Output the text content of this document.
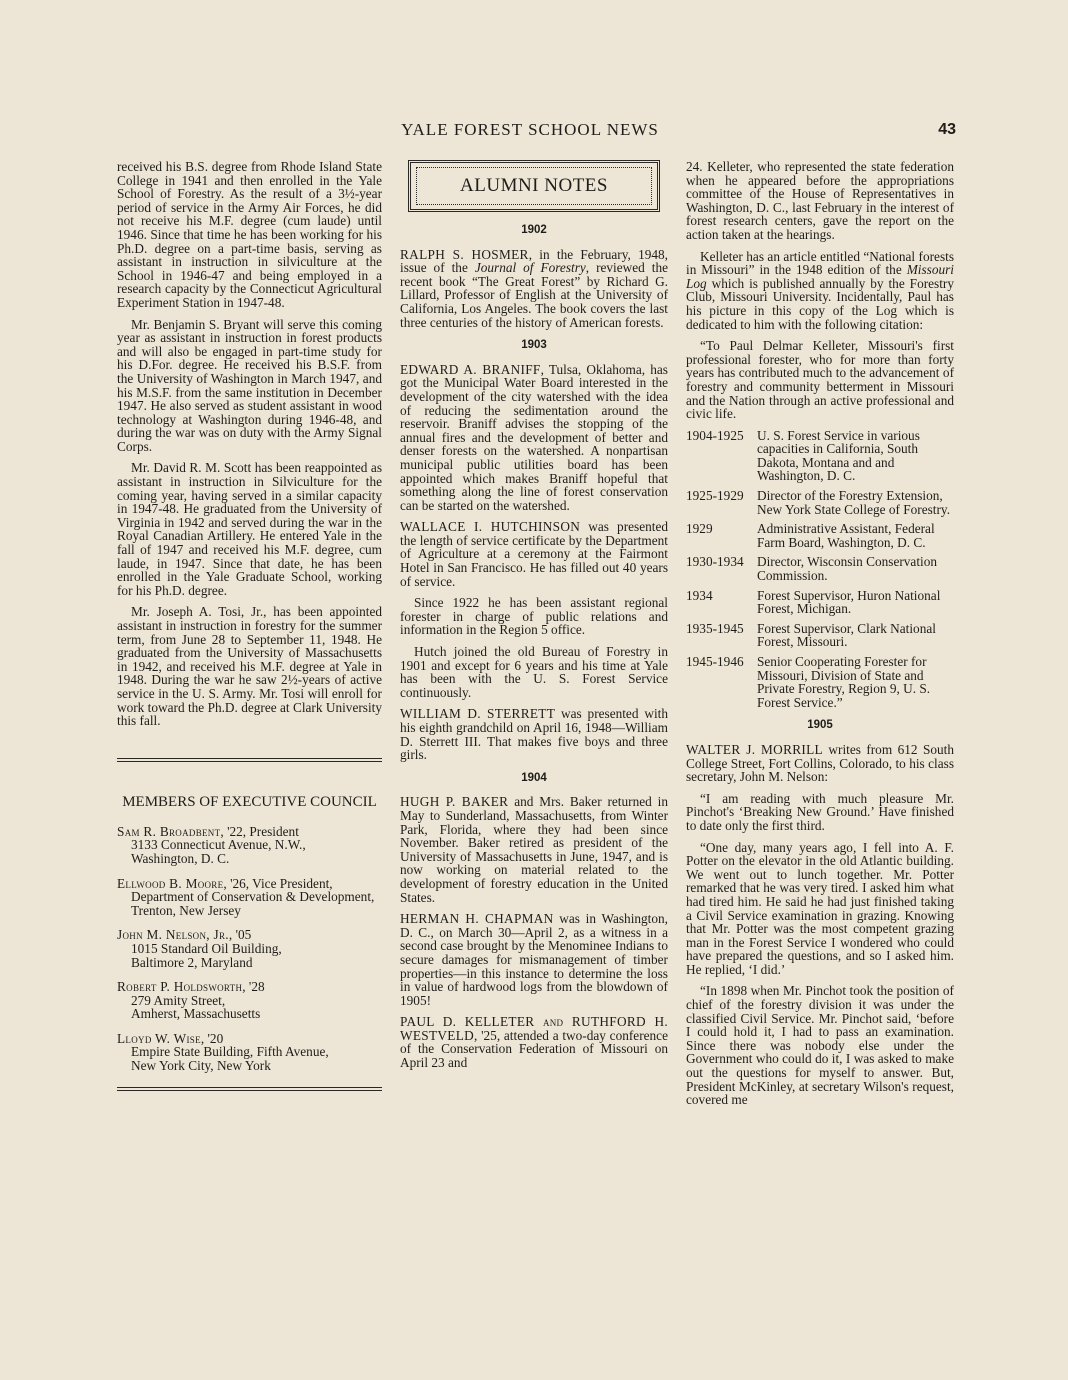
YALE FOREST SCHOOL NEWS	43

received his B.S. degree from Rhode Island State College in 1941 and then enrolled in the Yale School of Forestry. As the result of a 3½-year period of service in the Army Air Forces, he did not receive his M.F. degree (cum laude) until 1946. Since that time he has been working for his Ph.D. degree on a part-time basis, serving as assistant in instruction in silviculture at the School in 1946-47 and being employed in a research capacity by the Connecticut Agricultural Experiment Station in 1947-48.

Mr. Benjamin S. Bryant will serve this coming year as assistant in instruction in forest products and will also be engaged in part-time study for his D.For. degree. He received his B.S.F. from the University of Washington in March 1947, and his M.S.F. from the same institution in December 1947. He also served as student assistant in wood technology at Washington during 1946-48, and during the war was on duty with the Army Signal Corps.

Mr. David R. M. Scott has been reappointed as assistant in instruction in Silviculture for the coming year, having served in a similar capacity in 1947-48. He graduated from the University of Virginia in 1942 and served during the war in the Royal Canadian Artillery. He entered Yale in the fall of 1947 and received his M.F. degree, cum laude, in 1947. Since that date, he has been enrolled in the Yale Graduate School, working for his Ph.D. degree.

Mr. Joseph A. Tosi, Jr., has been appointed assistant in instruction in forestry for the summer term, from June 28 to September 11, 1948. He graduated from the University of Massachusetts in 1942, and received his M.F. degree at Yale in 1948. During the war he saw 2½-years of active service in the U. S. Army. Mr. Tosi will enroll for work toward the Ph.D. degree at Clark University this fall.

MEMBERS OF EXECUTIVE COUNCIL
Sam R. Broadbent, '22, President
3133 Connecticut Avenue, N.W.,
Washington, D. C.
Ellwood B. Moore, '26, Vice President,
Department of Conservation & Development, Trenton, New Jersey
John M. Nelson, Jr., '05
1015 Standard Oil Building,
Baltimore 2, Maryland
Robert P. Holdsworth, '28
279 Amity Street,
Amherst, Massachusetts
Lloyd W. Wise, '20
Empire State Building, Fifth Avenue,
New York City, New York
ALUMNI NOTES
1902

RALPH S. HOSMER, in the February, 1948, issue of the Journal of Forestry, reviewed the recent book “The Great Forest” by Richard G. Lillard, Professor of English at the University of California, Los Angeles. The book covers the last three centuries of the history of American forests.

1903

EDWARD A. BRANIFF, Tulsa, Oklahoma, has got the Municipal Water Board interested in the development of the city watershed with the idea of reducing the sedimentation around the reservoir. Braniff advises the stopping of the annual fires and the development of better and denser forests on the watershed. A nonpartisan municipal public utilities board has been appointed which makes Braniff hopeful that something along the line of forest conservation can be started on the watershed.

WALLACE I. HUTCHINSON was presented the length of service certificate by the Department of Agriculture at a ceremony at the Fairmont Hotel in San Francisco. He has filled out 40 years of service.

Since 1922 he has been assistant regional forester in charge of public relations and information in the Region 5 office.

Hutch joined the old Bureau of Forestry in 1901 and except for 6 years and his time at Yale has been with the U. S. Forest Service continuously.

WILLIAM D. STERRETT was presented with his eighth grandchild on April 16, 1948—William D. Sterrett III. That makes five boys and three girls.

1904

HUGH P. BAKER and Mrs. Baker returned in May to Sunderland, Massachusetts, from Winter Park, Florida, where they had been since November. Baker retired as president of the University of Massachusetts in June, 1947, and is now working on material related to the development of forestry education in the United States.

HERMAN H. CHAPMAN was in Washington, D. C., on March 30—April 2, as a witness in a second case brought by the Menominee Indians to secure damages for mismanagement of timber properties—in this instance to determine the loss in value of hardwood logs from the blowdown of 1905!

PAUL D. KELLETER and RUTHFORD H. WESTVELD, '25, attended a two-day conference of the Conservation Federation of Missouri on April 23 and

24. Kelleter, who represented the state federation when he appeared before the appropriations committee of the House of Representatives in Washington, D. C., last February in the interest of forest research centers, gave the report on the action taken at the hearings.

Kelleter has an article entitled “National forests in Missouri” in the 1948 edition of the Missouri Log which is published annually by the Forestry Club, Missouri University. Incidentally, Paul has his picture in this copy of the Log which is dedicated to him with the following citation:

“To Paul Delmar Kelleter, Missouri's first professional forester, who for more than forty years has contributed much to the advancement of forestry and community betterment in Missouri and the Nation through an active professional and civic life.

1904-1925	U. S. Forest Service in various capacities in California, South Dakota, Montana and and Washington, D. C.
1925-1929	Director of the Forestry Extension, New York State College of Forestry.
1929	Administrative Assistant, Federal Farm Board, Washington, D. C.
1930-1934	Director, Wisconsin Conservation Commission.
1934	Forest Supervisor, Huron National Forest, Michigan.
1935-1945	Forest Supervisor, Clark National Forest, Missouri.
1945-1946	Senior Cooperating Forester for Missouri, Division of State and Private Forestry, Region 9, U. S. Forest Service.”
1905

WALTER J. MORRILL writes from 612 South College Street, Fort Collins, Colorado, to his class secretary, John M. Nelson:

“I am reading with much pleasure Mr. Pinchot's ‘Breaking New Ground.’ Have finished to date only the first third.

“One day, many years ago, I fell into A. F. Potter on the elevator in the old Atlantic building. We went out to lunch together. Mr. Potter remarked that he was very tired. I asked him what had tired him. He said he had just finished taking a Civil Service examination in grazing. Knowing that Mr. Potter was the most competent grazing man in the Forest Service I wondered who could have prepared the questions, and so I asked him. He replied, ‘I did.’

“In 1898 when Mr. Pinchot took the position of chief of the forestry division it was under the classified Civil Service. Mr. Pinchot said, ‘before I could hold it, I had to pass an examination. Since there was nobody else under the Government who could do it, I was asked to make out the questions for myself to answer. But, President McKinley, at secretary Wilson's request, covered me
